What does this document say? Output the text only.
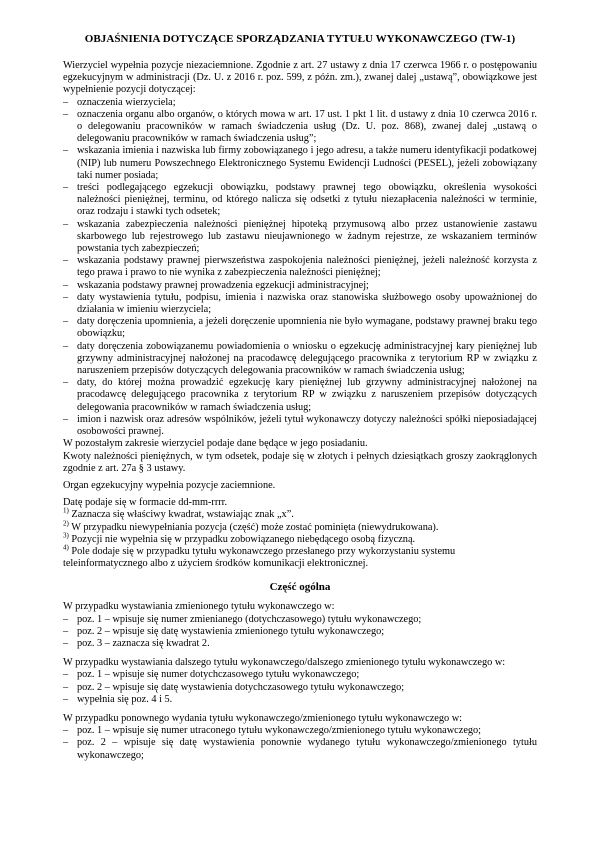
OBJAŚNIENIA DOTYCZĄCE SPORZĄDZANIA TYTUŁU WYKONAWCZEGO (TW-1)

Wierzyciel wypełnia pozycje niezaciemnione. Zgodnie z art. 27 ustawy z dnia 17 czerwca 1966 r. o postępowaniu egzekucyjnym w administracji (Dz. U. z 2016 r. poz. 599, z późn. zm.), zwanej dalej „ustawą”, obowiązkowe jest wypełnienie pozycji dotyczącej:

– oznaczenia wierzyciela;
– oznaczenia organu albo organów, o których mowa w art. 17 ust. 1 pkt 1 lit. d ustawy z dnia 10 czerwca 2016 r. o delegowaniu pracowników w ramach świadczenia usług (Dz. U. poz. 868), zwanej dalej „ustawą o delegowaniu pracowników w ramach świadczenia usług”;
– wskazania imienia i nazwiska lub firmy zobowiązanego i jego adresu, a także numeru identyfikacji podatkowej (NIP) lub numeru Powszechnego Elektronicznego Systemu Ewidencji Ludności (PESEL), jeżeli zobowiązany taki numer posiada;
– treści podlegającego egzekucji obowiązku, podstawy prawnej tego obowiązku, określenia wysokości należności pieniężnej, terminu, od którego nalicza się odsetki z tytułu niezapłacenia należności w terminie, oraz rodzaju i stawki tych odsetek;
– wskazania zabezpieczenia należności pieniężnej hipoteką przymusową albo przez ustanowienie zastawu skarbowego lub rejestrowego lub zastawu nieujawnionego w żadnym rejestrze, ze wskazaniem terminów powstania tych zabezpieczeń;
– wskazania podstawy prawnej pierwszeństwa zaspokojenia należności pieniężnej, jeżeli należność korzysta z tego prawa i prawo to nie wynika z zabezpieczenia należności pieniężnej;
– wskazania podstawy prawnej prowadzenia egzekucji administracyjnej;
– daty wystawienia tytułu, podpisu, imienia i nazwiska oraz stanowiska służbowego osoby upoważnionej do działania w imieniu wierzyciela;
– daty doręczenia upomnienia, a jeżeli doręczenie upomnienia nie było wymagane, podstawy prawnej braku tego obowiązku;
– daty doręczenia zobowiązanemu powiadomienia o wniosku o egzekucję administracyjnej kary pieniężnej lub grzywny administracyjnej nałożonej na pracodawcę delegującego pracownika z terytorium RP w związku z naruszeniem przepisów dotyczących delegowania pracowników w ramach świadczenia usług;
– daty, do której można prowadzić egzekucję kary pieniężnej lub grzywny administracyjnej nałożonej na pracodawcę delegującego pracownika z terytorium RP w związku z naruszeniem przepisów dotyczących delegowania pracowników w ramach świadczenia usług;
– imion i nazwisk oraz adresów wspólników, jeżeli tytuł wykonawczy dotyczy należności spółki nieposiadającej osobowości prawnej.

W pozostałym zakresie wierzyciel podaje dane będące w jego posiadaniu.

Kwoty należności pieniężnych, w tym odsetek, podaje się w złotych i pełnych dziesiątkach groszy zaokrąglonych zgodnie z art. 27a § 3 ustawy.

Organ egzekucyjny wypełnia pozycje zaciemnione.

Datę podaje się w formacie dd-mm-rrrr.

$^{1)}$ Zaznacza się właściwy kwadrat, wstawiając znak „x”.
$^{2)}$ W przypadku niewypełniania pozycja (część) może zostać pominięta (niewydrukowana).
$^{3)}$ Pozycji nie wypełnia się w przypadku zobowiązanego niebędącego osobą fizyczną.
$^{4)}$ Pole dodaje się w przypadku tytułu wykonawczego przesłanego przy wykorzystaniu systemu teleinformatycznego albo z użyciem środków komunikacji elektronicznej.
Część ogólna

W przypadku wystawiania zmienionego tytułu wykonawczego w:

– poz. 1 – wpisuje się numer zmienianego (dotychczasowego) tytułu wykonawczego;
– poz. 2 – wpisuje się datę wystawienia zmienionego tytułu wykonawczego;
– poz. 3 – zaznacza się kwadrat 2.

W przypadku wystawiania dalszego tytułu wykonawczego/dalszego zmienionego tytułu wykonawczego w:

– poz. 1 – wpisuje się numer dotychczasowego tytułu wykonawczego;
– poz. 2 – wpisuje się datę wystawienia dotychczasowego tytułu wykonawczego;
– wypełnia się poz. 4 i 5.

W przypadku ponownego wydania tytułu wykonawczego/zmienionego tytułu wykonawczego w:

– poz. 1 – wpisuje się numer utraconego tytułu wykonawczego/zmienionego tytułu wykonawczego;
– poz. 2 – wpisuje się datę wystawienia ponownie wydanego tytułu wykonawczego/zmienionego tytułu wykonawczego;
